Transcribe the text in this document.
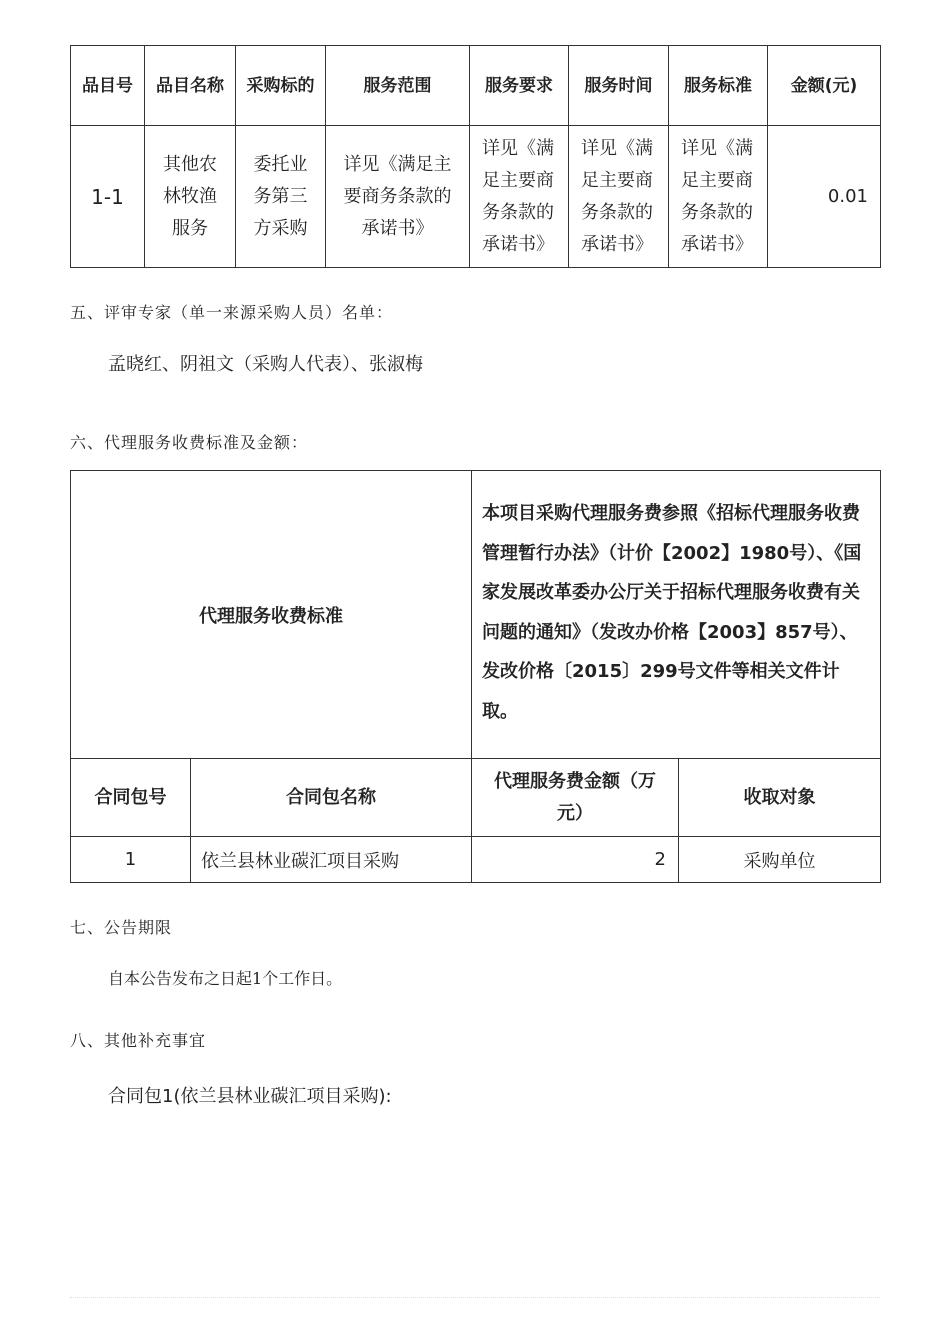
品目号	品目名称	采购标的	服务范围	服务要求	服务时间	服务标准	金额(元)
1-1	其他农林牧渔服务	委托业务第三方采购	详见《满足主要商务条款的承诺书》	详见《满足主要商务条款的承诺书》	详见《满足主要商务条款的承诺书》	详见《满足主要商务条款的承诺书》	0.01
五、评审专家（单一来源采购人员）名单：
孟晓红、阴祖文（采购人代表）、张淑梅
六、代理服务收费标准及金额：
代理服务收费标准		本项目采购代理服务费参照《招标代理服务收费管理暂行办法》（计价【2002】1980号）、《国家发展改革委办公厅关于招标代理服务收费有关问题的通知》（发改办价格【2003】857号）、发改价格〔2015〕299号文件等相关文件计取。	
合同包号	合同包名称	代理服务费金额（万元）	收取对象
1	依兰县林业碳汇项目采购	2	采购单位
七、公告期限
自本公告发布之日起1个工作日。
八、其他补充事宜
合同包1(依兰县林业碳汇项目采购):
